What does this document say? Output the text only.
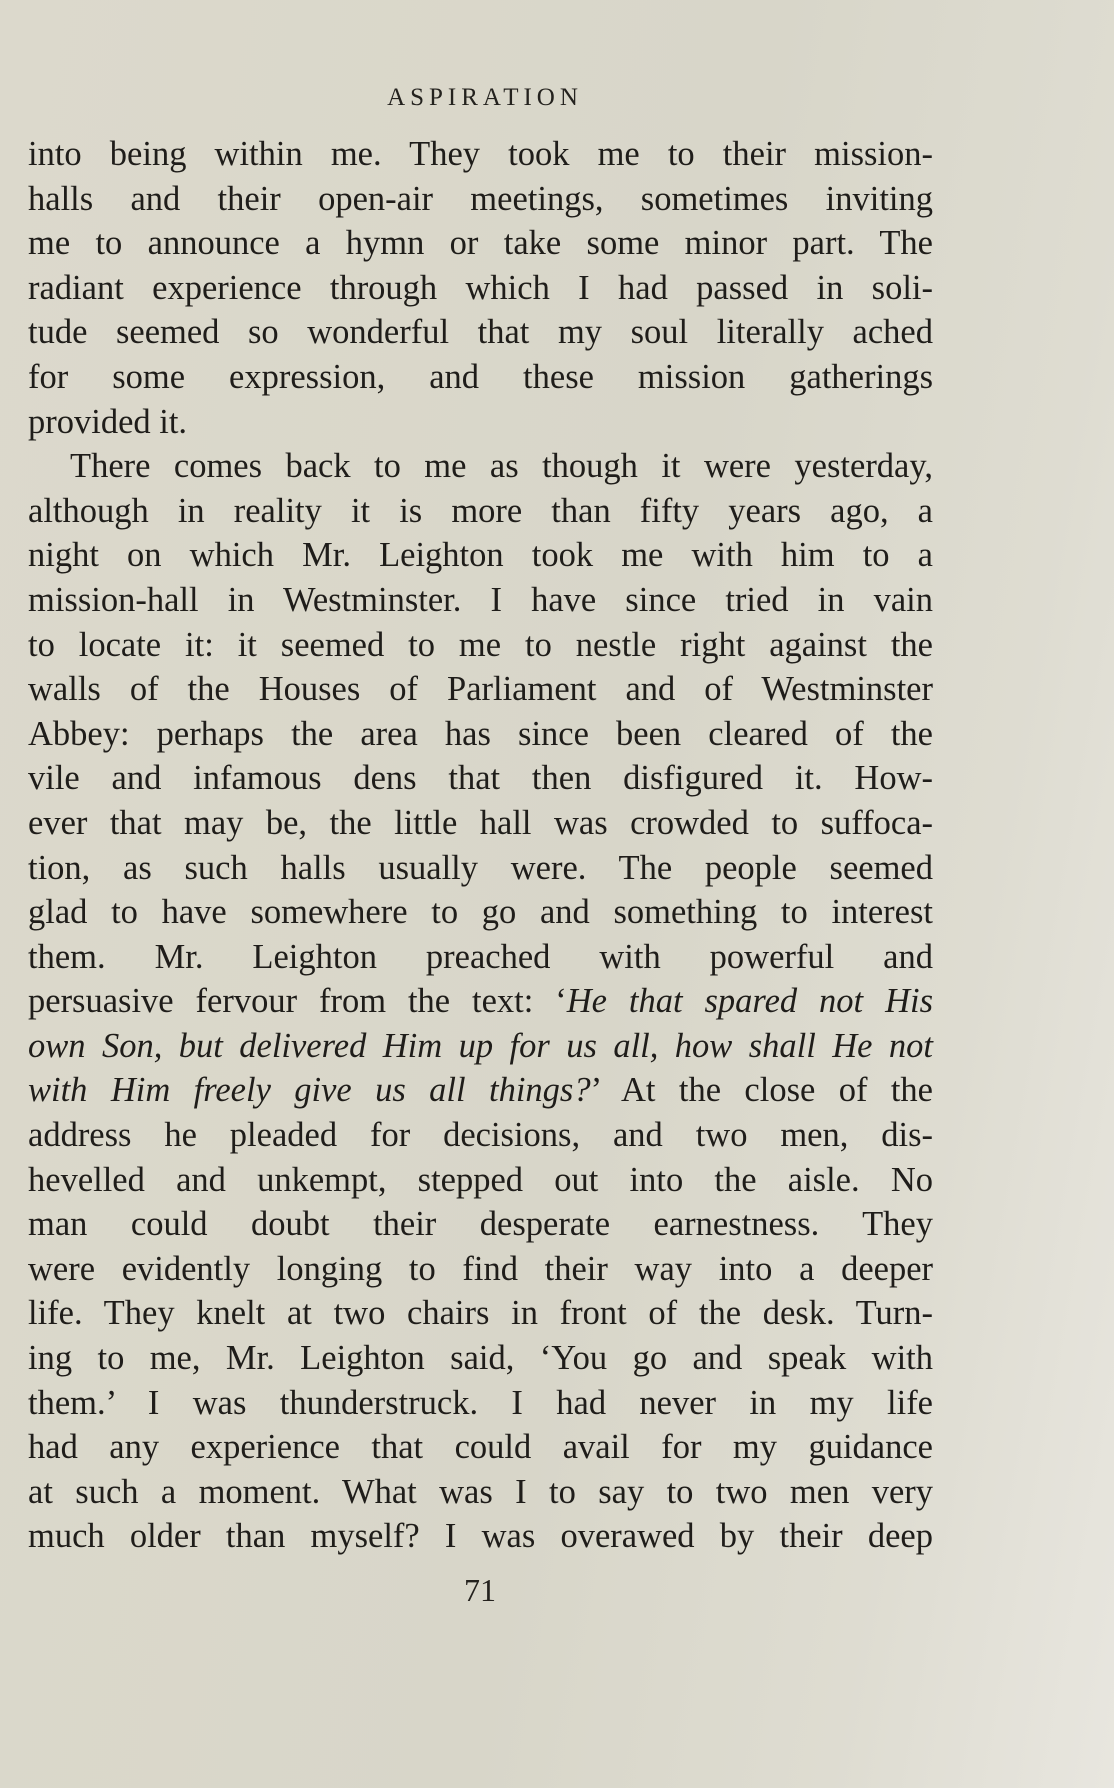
ASPIRATION
into being within me. They took me to their mission-
halls and their open-air meetings, sometimes inviting
me to announce a hymn or take some minor part. The
radiant experience through which I had passed in soli-
tude seemed so wonderful that my soul literally ached
for some expression, and these mission gatherings
provided it.
There comes back to me as though it were yesterday,
although in reality it is more than fifty years ago, a
night on which Mr. Leighton took me with him to a
mission-hall in Westminster. I have since tried in vain
to locate it: it seemed to me to nestle right against the
walls of the Houses of Parliament and of Westminster
Abbey: perhaps the area has since been cleared of the
vile and infamous dens that then disfigured it. How-
ever that may be, the little hall was crowded to suffoca-
tion, as such halls usually were. The people seemed
glad to have somewhere to go and something to interest
them. Mr. Leighton preached with powerful and
persuasive fervour from the text: ‘He that spared not His
own Son, but delivered Him up for us all, how shall He not
with Him freely give us all things?’ At the close of the
address he pleaded for decisions, and two men, dis-
hevelled and unkempt, stepped out into the aisle. No
man could doubt their desperate earnestness. They
were evidently longing to find their way into a deeper
life. They knelt at two chairs in front of the desk. Turn-
ing to me, Mr. Leighton said, ‘You go and speak with
them.’ I was thunderstruck. I had never in my life
had any experience that could avail for my guidance
at such a moment. What was I to say to two men very
much older than myself? I was overawed by their deep
71
